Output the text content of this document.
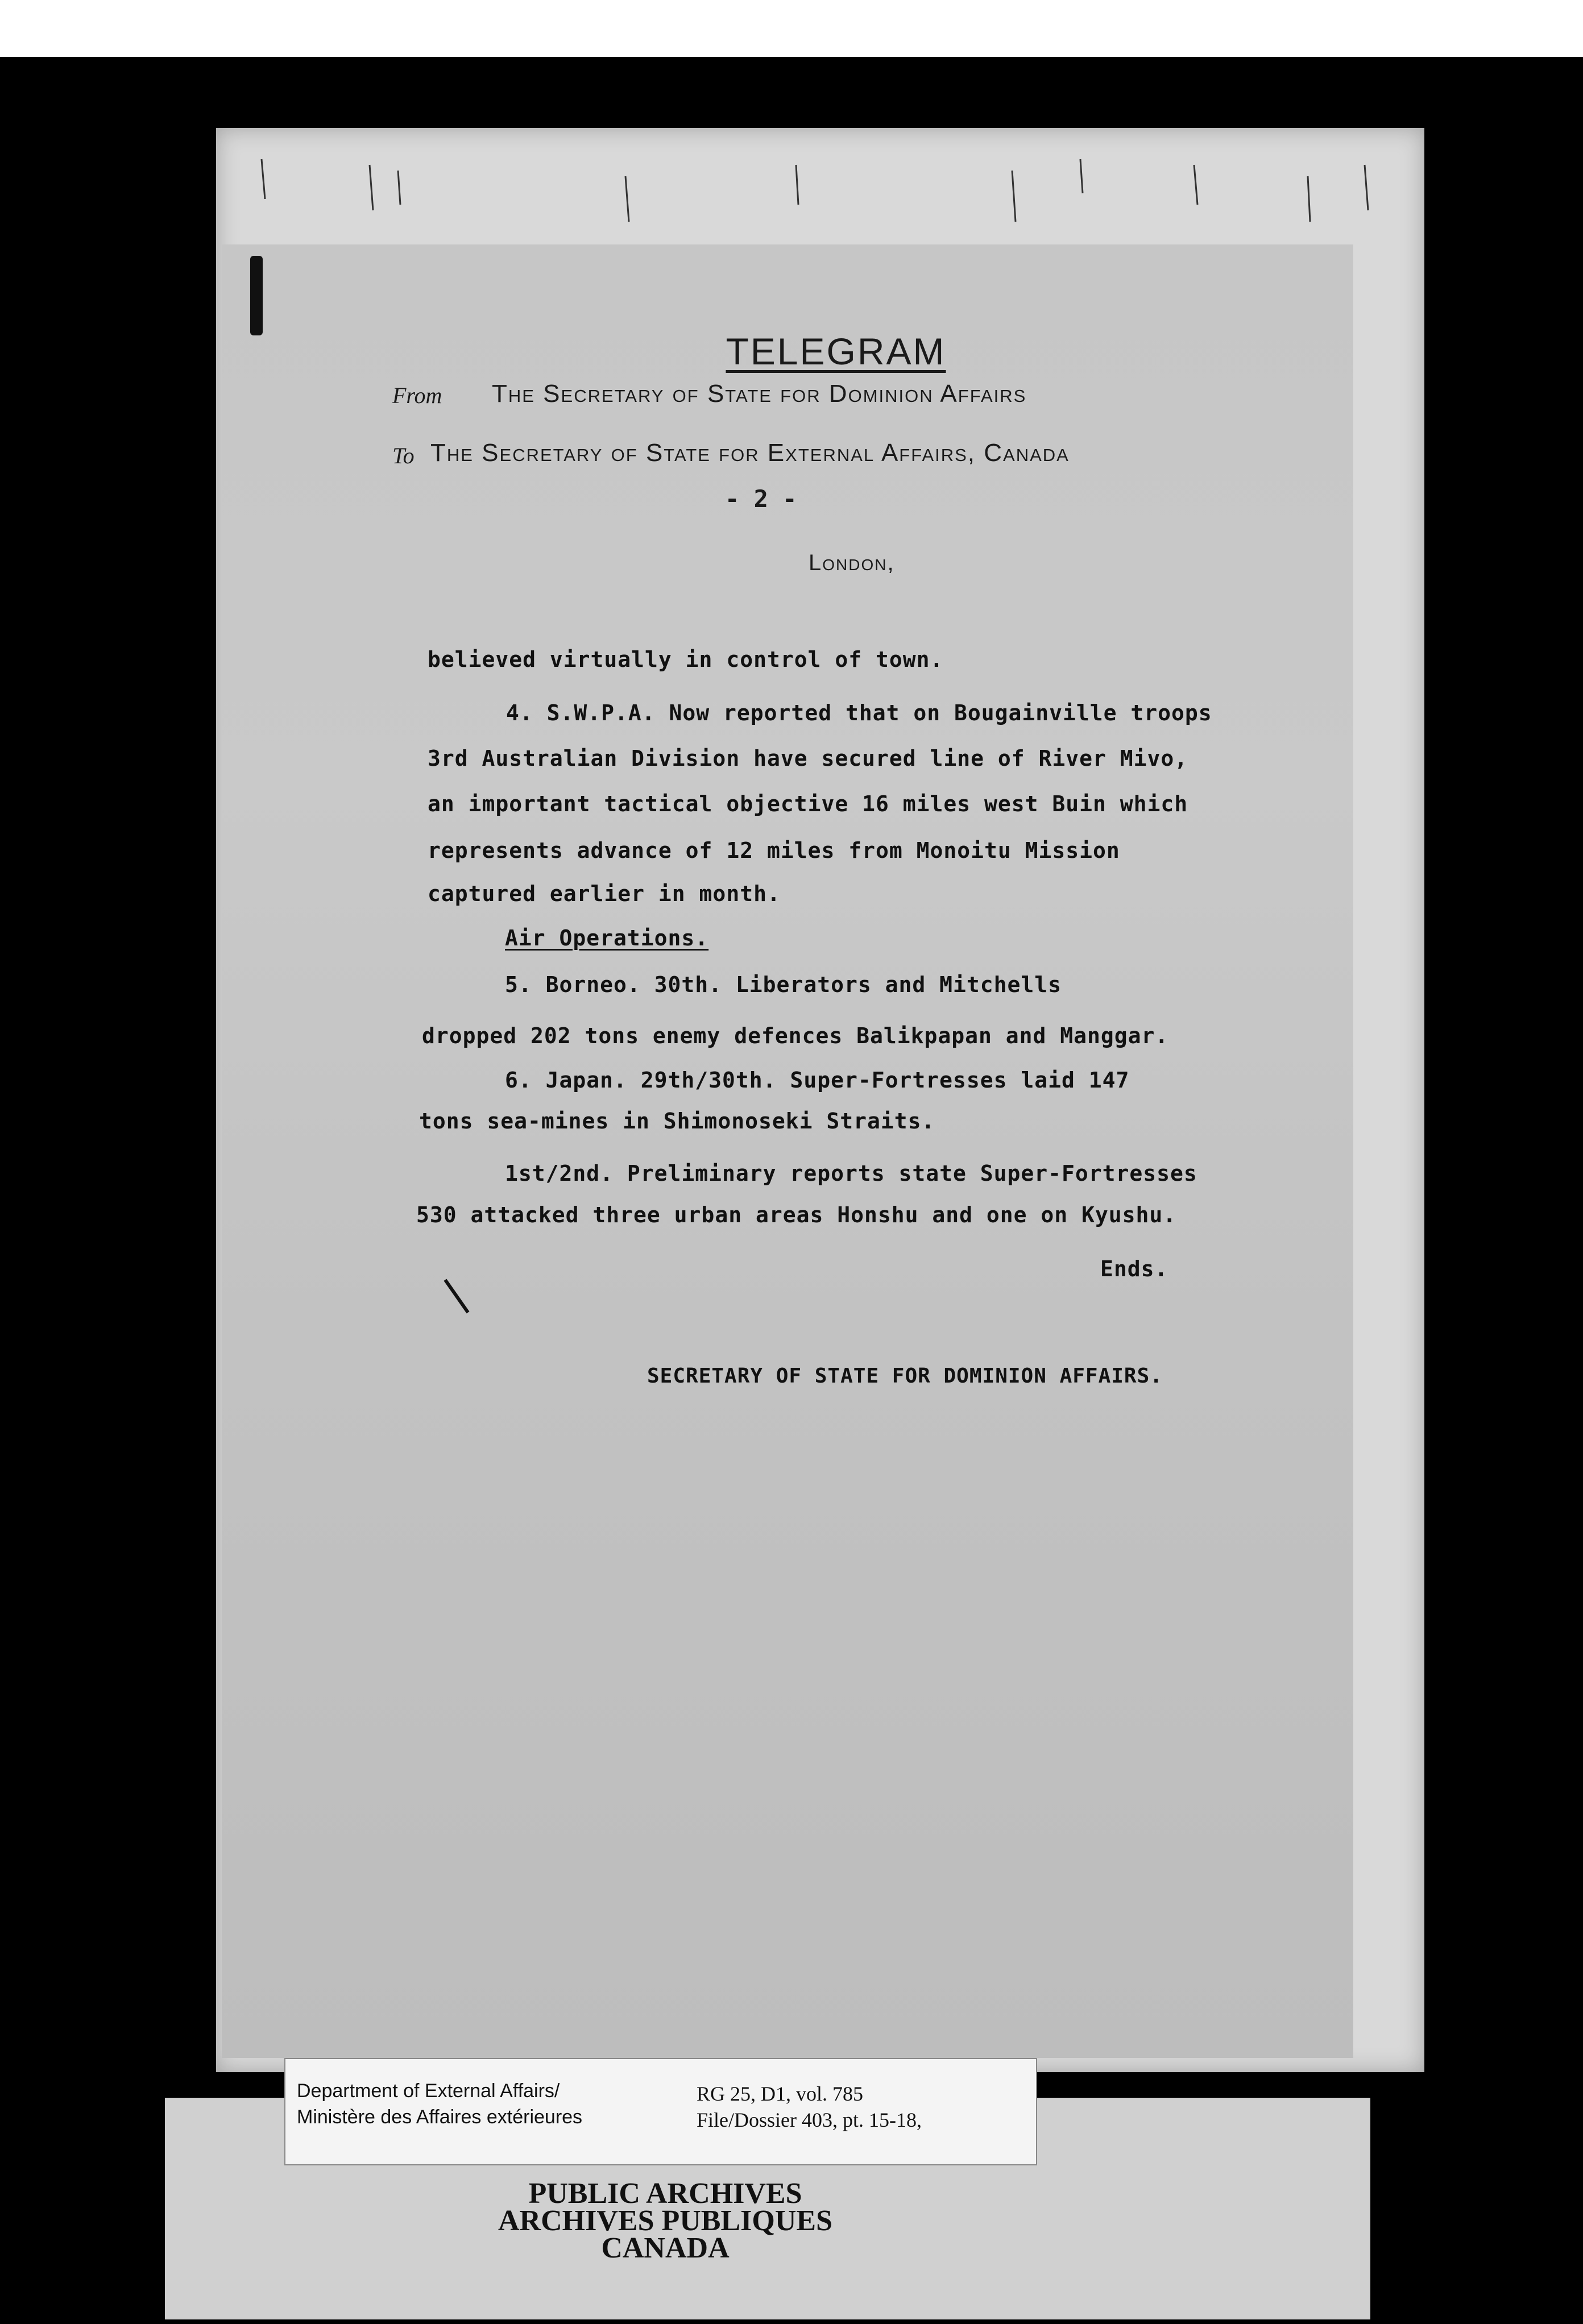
TELEGRAM
From The Secretary of State for Dominion Affairs
To The Secretary of State for External Affairs, Canada
- 2 -
London,
believed virtually in control of town.
4. S.W.P.A. Now reported that on Bougainville troops
3rd Australian Division have secured line of River Mivo,
an important tactical objective 16 miles west Buin which
represents advance of 12 miles from Monoitu Mission
captured earlier in month.
Air Operations.
5. Borneo. 30th. Liberators and Mitchells
dropped 202 tons enemy defences Balikpapan and Manggar.
6. Japan. 29th/30th. Super-Fortresses laid 147
tons sea-mines in Shimonoseki Straits.
1st/2nd. Preliminary reports state Super-Fortresses
530 attacked three urban areas Honshu and one on Kyushu.
Ends.
SECRETARY OF STATE FOR DOMINION AFFAIRS.
Department of External Affairs/
Ministère des Affaires extérieures
RG 25, D1, vol. 785
File/Dossier 403, pt. 15-18,
PUBLIC ARCHIVES
ARCHIVES PUBLIQUES
CANADA
